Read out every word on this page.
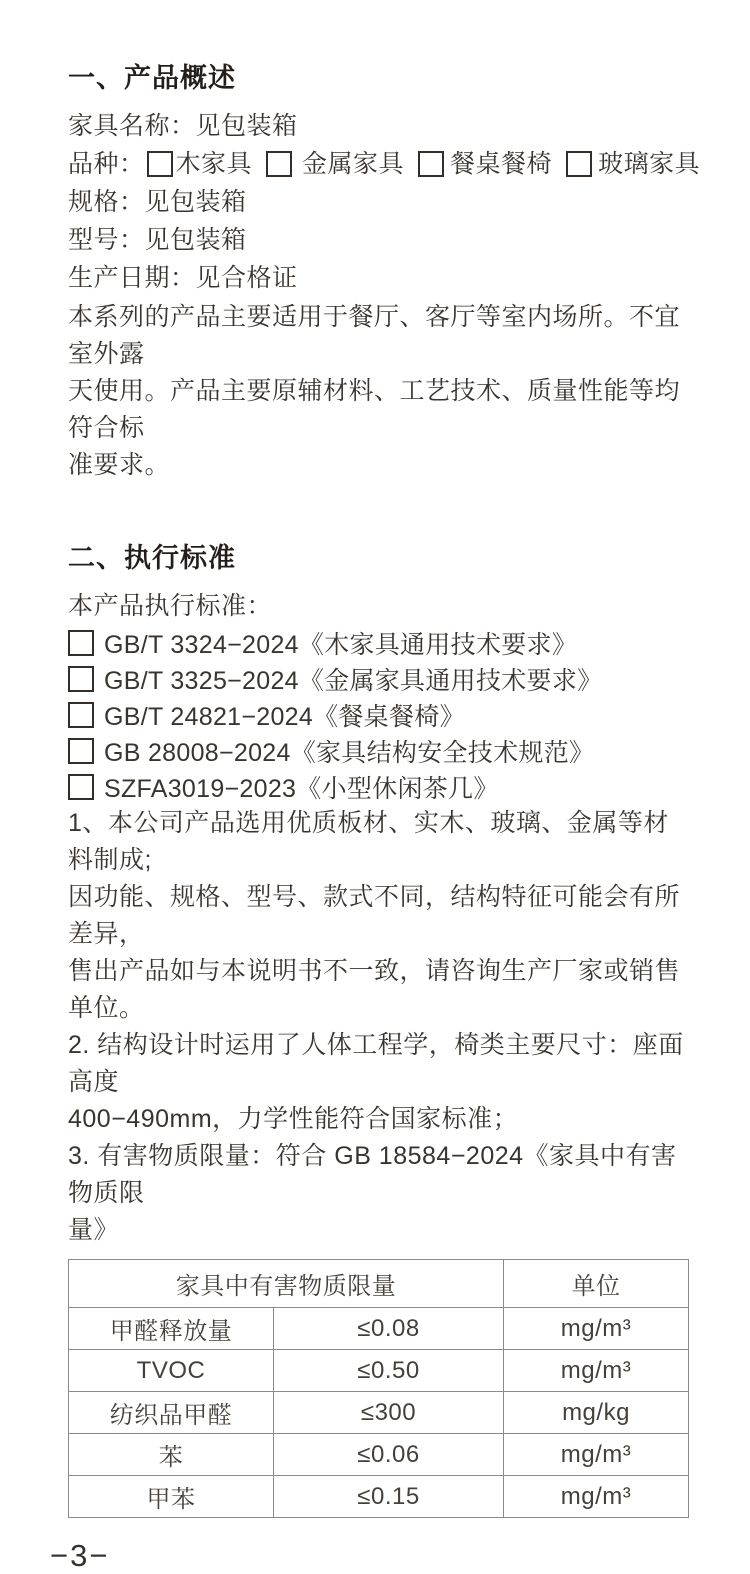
一、产品概述
家具名称：见包装箱
品种： 木家具 金属家具 餐桌餐椅 玻璃家具
规格：见包装箱
型号：见包装箱
生产日期：见合格证
本系列的产品主要适用于餐厅、客厅等室内场所。不宜室外露
天使用。产品主要原辅材料、工艺技术、质量性能等均符合标
准要求。
二、执行标准
本产品执行标准：
GB/T 3324−2024《木家具通用技术要求》
GB/T 3325−2024《金属家具通用技术要求》
GB/T 24821−2024《餐桌餐椅》
GB 28008−2024《家具结构安全技术规范》
SZFA3019−2023《小型休闲茶几》
1、本公司产品选用优质板材、实木、玻璃、金属等材料制成;
因功能、规格、型号、款式不同，结构特征可能会有所差异，
售出产品如与本说明书不一致，请咨询生产厂家或销售单位。
2. 结构设计时运用了人体工程学，椅类主要尺寸：座面高度
400−490mm，力学性能符合国家标准；
3. 有害物质限量：符合 GB 18584−2024《家具中有害物质限
量》
家具中有害物质限量		单位
甲醛释放量	≤0.08	mg/m³
TVOC	≤0.50	mg/m³
纺织品甲醛	≤300	mg/kg
苯	≤0.06	mg/m³
甲苯	≤0.15	mg/m³
−3−
